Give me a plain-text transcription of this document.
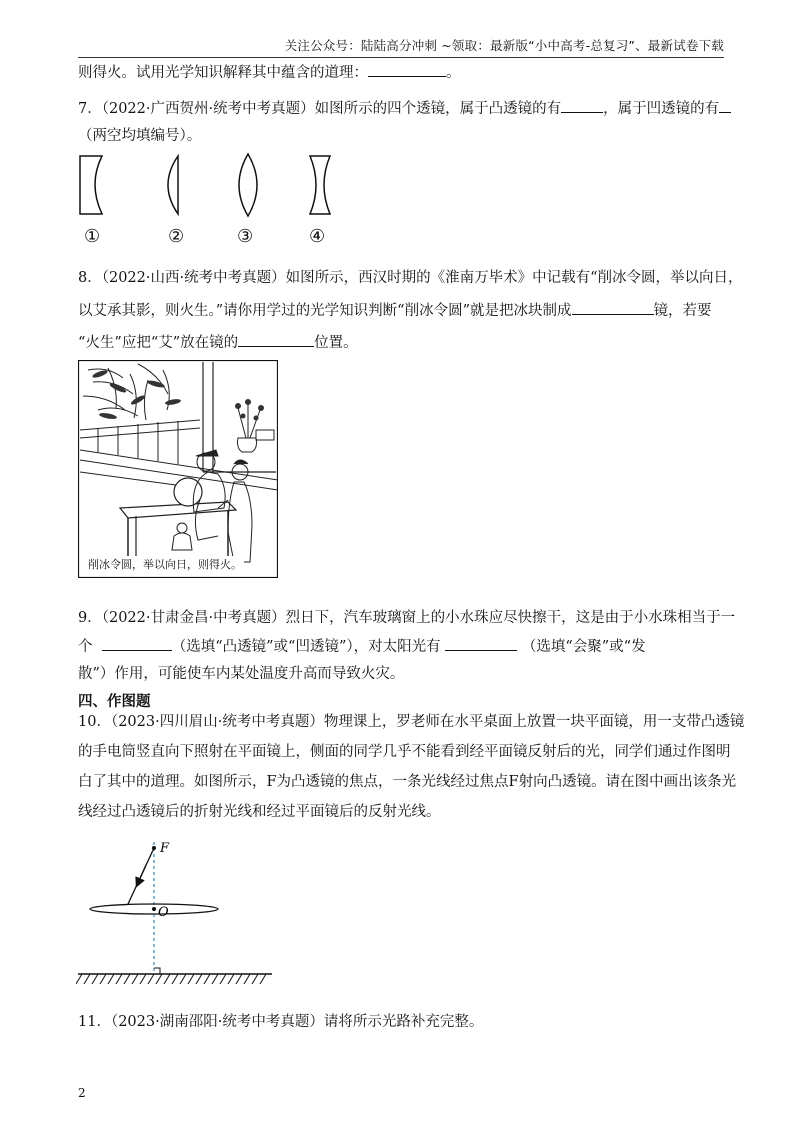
关注公众号：陆陆高分冲刺 ~领取：最新版“小中高考-总复习”、最新试卷下载
则得火。试用光学知识解释其中蕴含的道理：	。
7．（2022·广西贺州·统考中考真题）如图所示的四个透镜，属于凸透镜的有	，属于凹透镜的有
（两空均填编号）。
①	②	③	④
8．（2022·山西·统考中考真题）如图所示，西汉时期的《淮南万毕术》中记载有“削冰令圆，举以向日，
以艾承其影，则火生。”请你用学过的光学知识判断“削冰令圆”就是把冰块制成	镜，若要
“火生”应把“艾”放在镜的	位置。
削冰令圆，举以向日，则得火。
9．（2022·甘肃金昌·中考真题）烈日下，汽车玻璃窗上的小水珠应尽快擦干，这是由于小水珠相当于一
个	（选填“凸透镜”或“凹透镜”），对太阳光有	（选填“会聚”或“发
散”）作用，可能使车内某处温度升高而导致火灾。
四、作图题
10．（2023·四川眉山·统考中考真题）物理课上，罗老师在水平桌面上放置一块平面镜，用一支带凸透镜
的手电筒竖直向下照射在平面镜上，侧面的同学几乎不能看到经平面镜反射后的光，同学们通过作图明
白了其中的道理。如图所示，F为凸透镜的焦点，一条光线经过焦点F射向凸透镜。请在图中画出该条光
线经过凸透镜后的折射光线和经过平面镜后的反射光线。
F
O
11．（2023·湖南邵阳·统考中考真题）请将所示光路补充完整。
2
